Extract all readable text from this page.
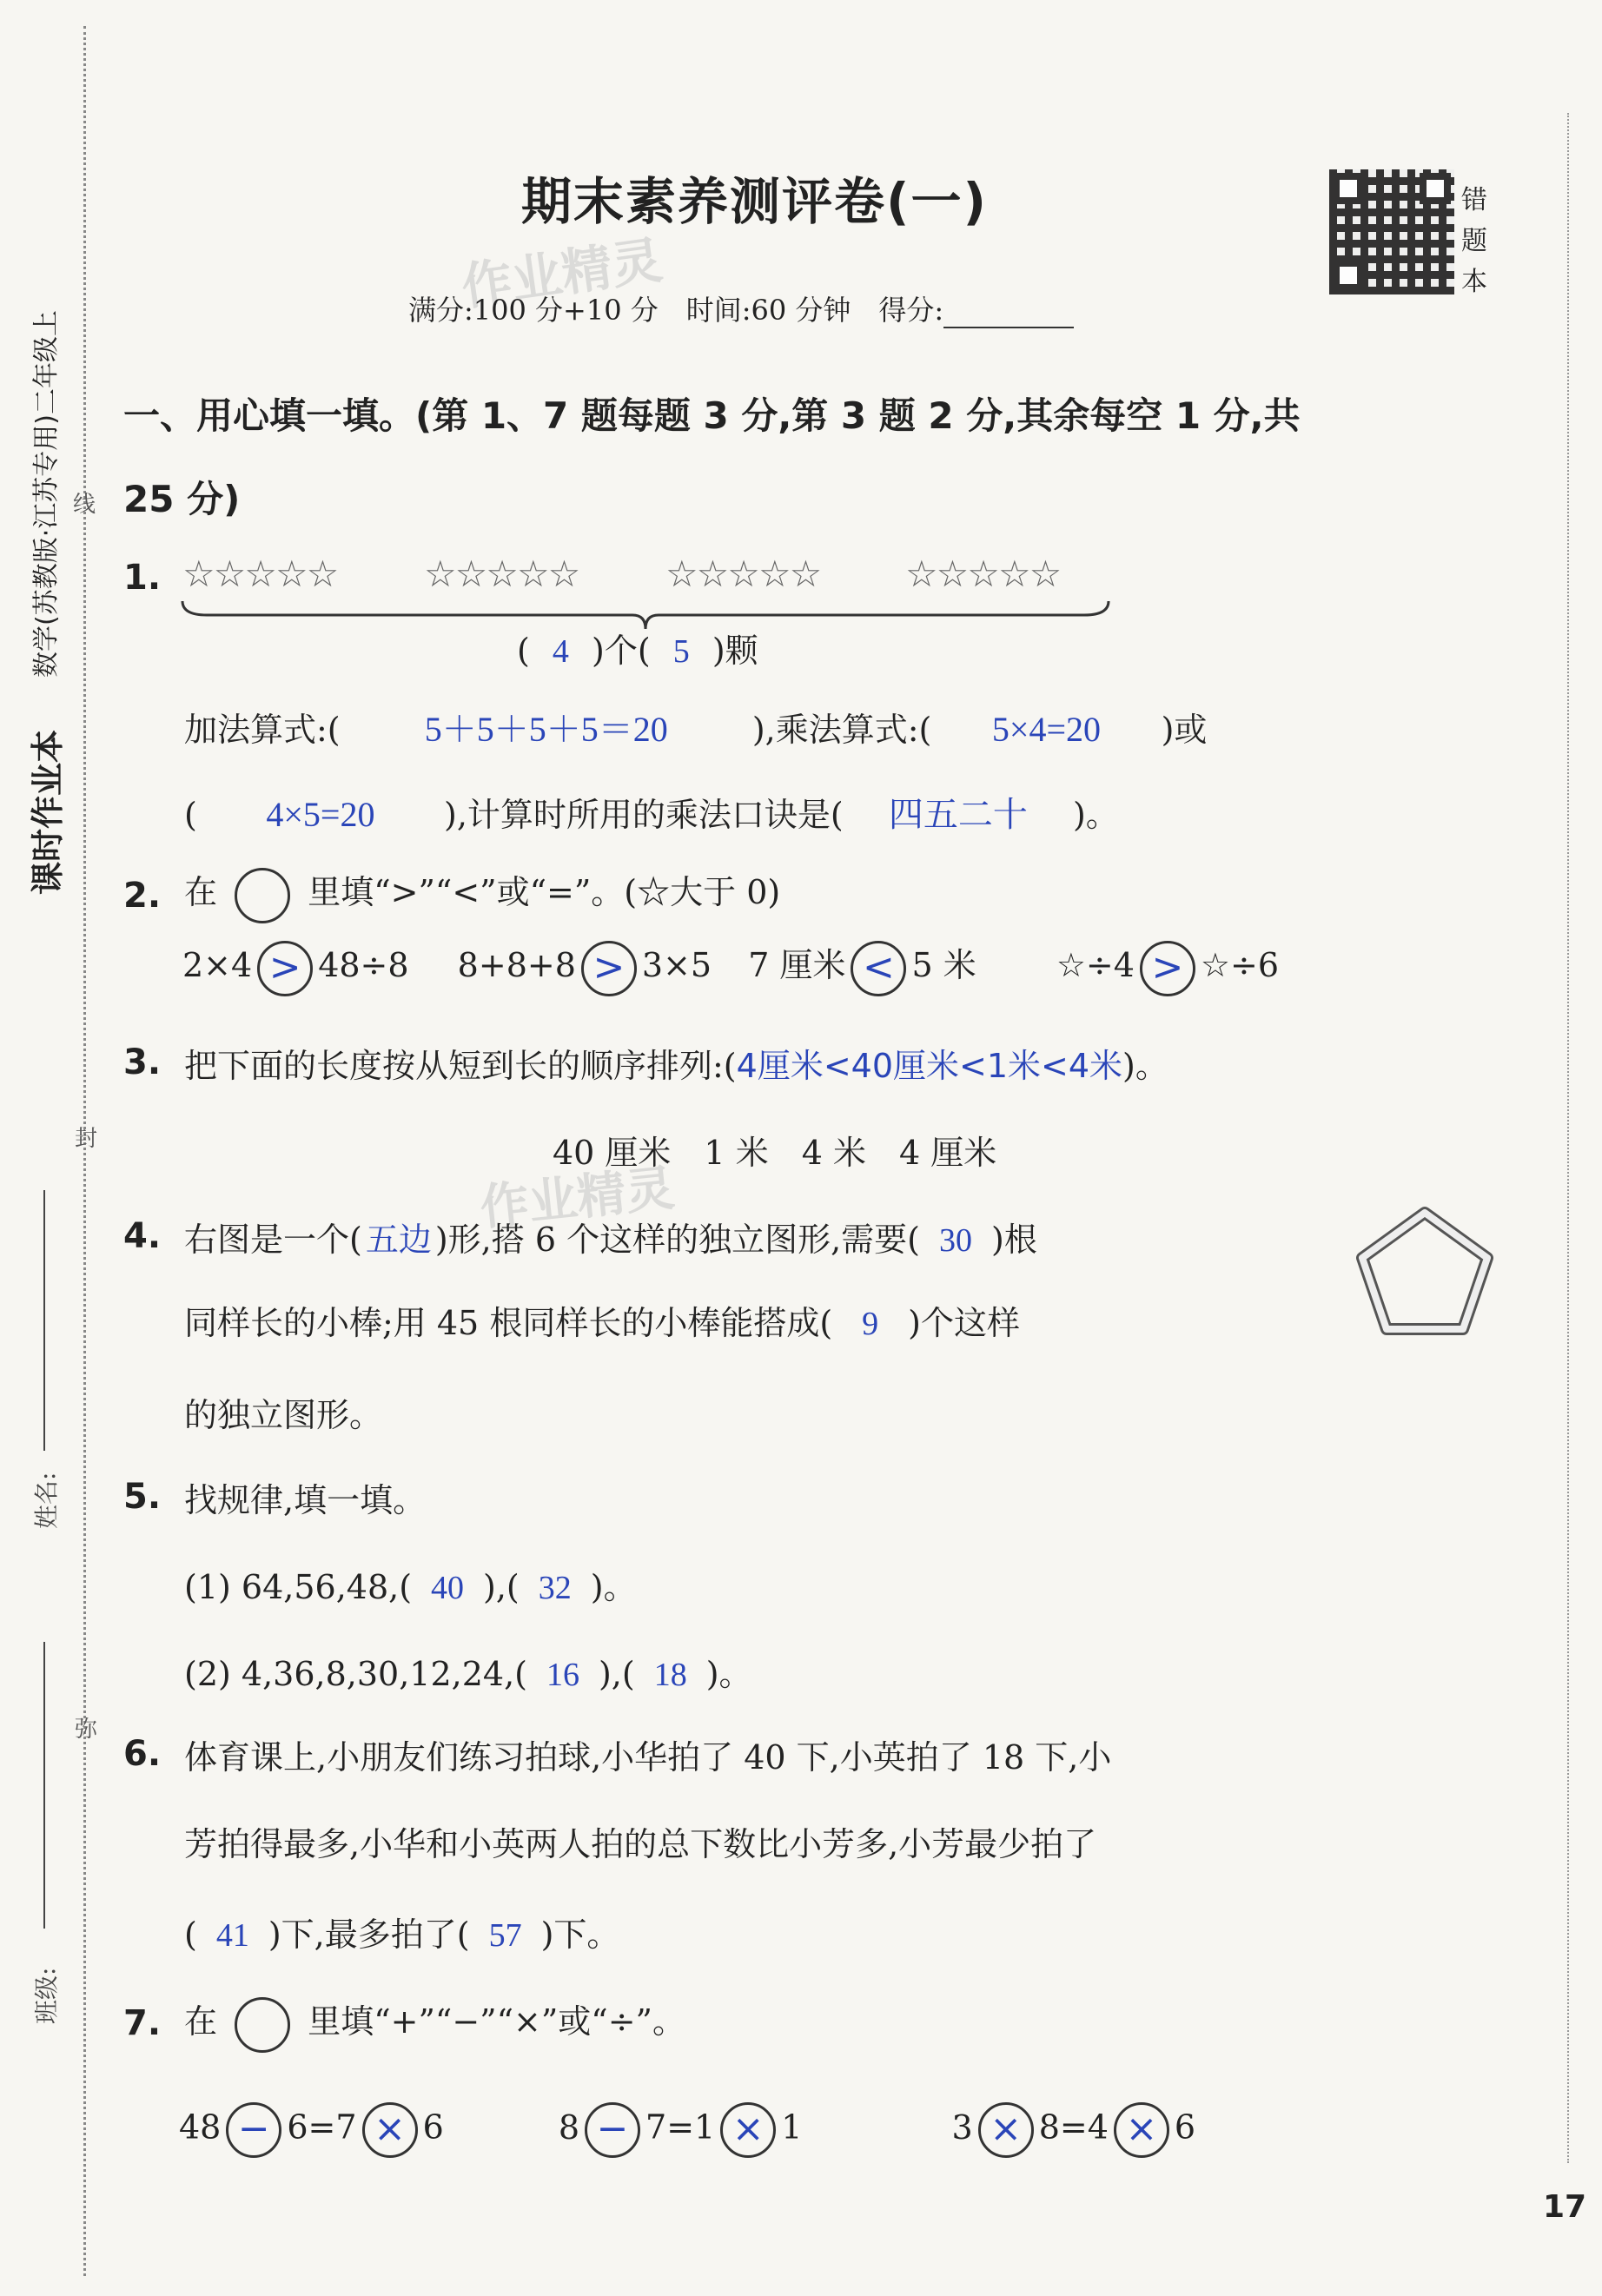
课时作业本
数学(苏教版·江苏专用)二年级上 线
封
弥
姓名:
班级:
期末素养测评卷(一)
作业精灵
满分:100 分+10 分　时间:60 分钟　得分:
错
题
本
一、用心填一填。(第 1、7 题每题 3 分,第 3 题 2 分,其余每空 1 分,共
25 分)
1. ☆☆☆☆☆ ☆☆☆☆☆ ☆☆☆☆☆ ☆☆☆☆☆
( 4 )个( 5 )颗
加法算式:( 5＋5＋5＋5＝20	),乘法算式:( 5×4=20 )或
( 4×5=20 ),计算时所用的乘法口诀是( 四五二十 )。
2. 在	里填“>”“<”或“=”。(☆大于 0)
2×4 > 48÷8 8+8+8 > 3×5 7 厘米 < 5 米 ☆÷4 > ☆÷6
3. 把下面的长度按从短到长的顺序排列:(4厘米<40厘米<1米<4米)。
40 厘米　1 米　4 米　4 厘米
作业精灵
4. 右图是一个( 五边 )形,搭 6 个这样的独立图形,需要( 30 )根
同样长的小棒;用 45 根同样长的小棒能搭成( 9 )个这样
的独立图形。
5. 找规律,填一填。
(1) 64,56,48,( 40 ),( 32 )。
(2) 4,36,8,30,12,24,( 16 ),( 18 )。
6. 体育课上,小朋友们练习拍球,小华拍了 40 下,小英拍了 18 下,小
芳拍得最多,小华和小英两人拍的总下数比小芳多,小芳最少拍了
( 41 )下,最多拍了( 57 )下。
7. 在	里填“+”“−”“×”或“÷”。
48 − 6=7 × 6	8 − 7=1 × 1	3 × 8=4 × 6
17
